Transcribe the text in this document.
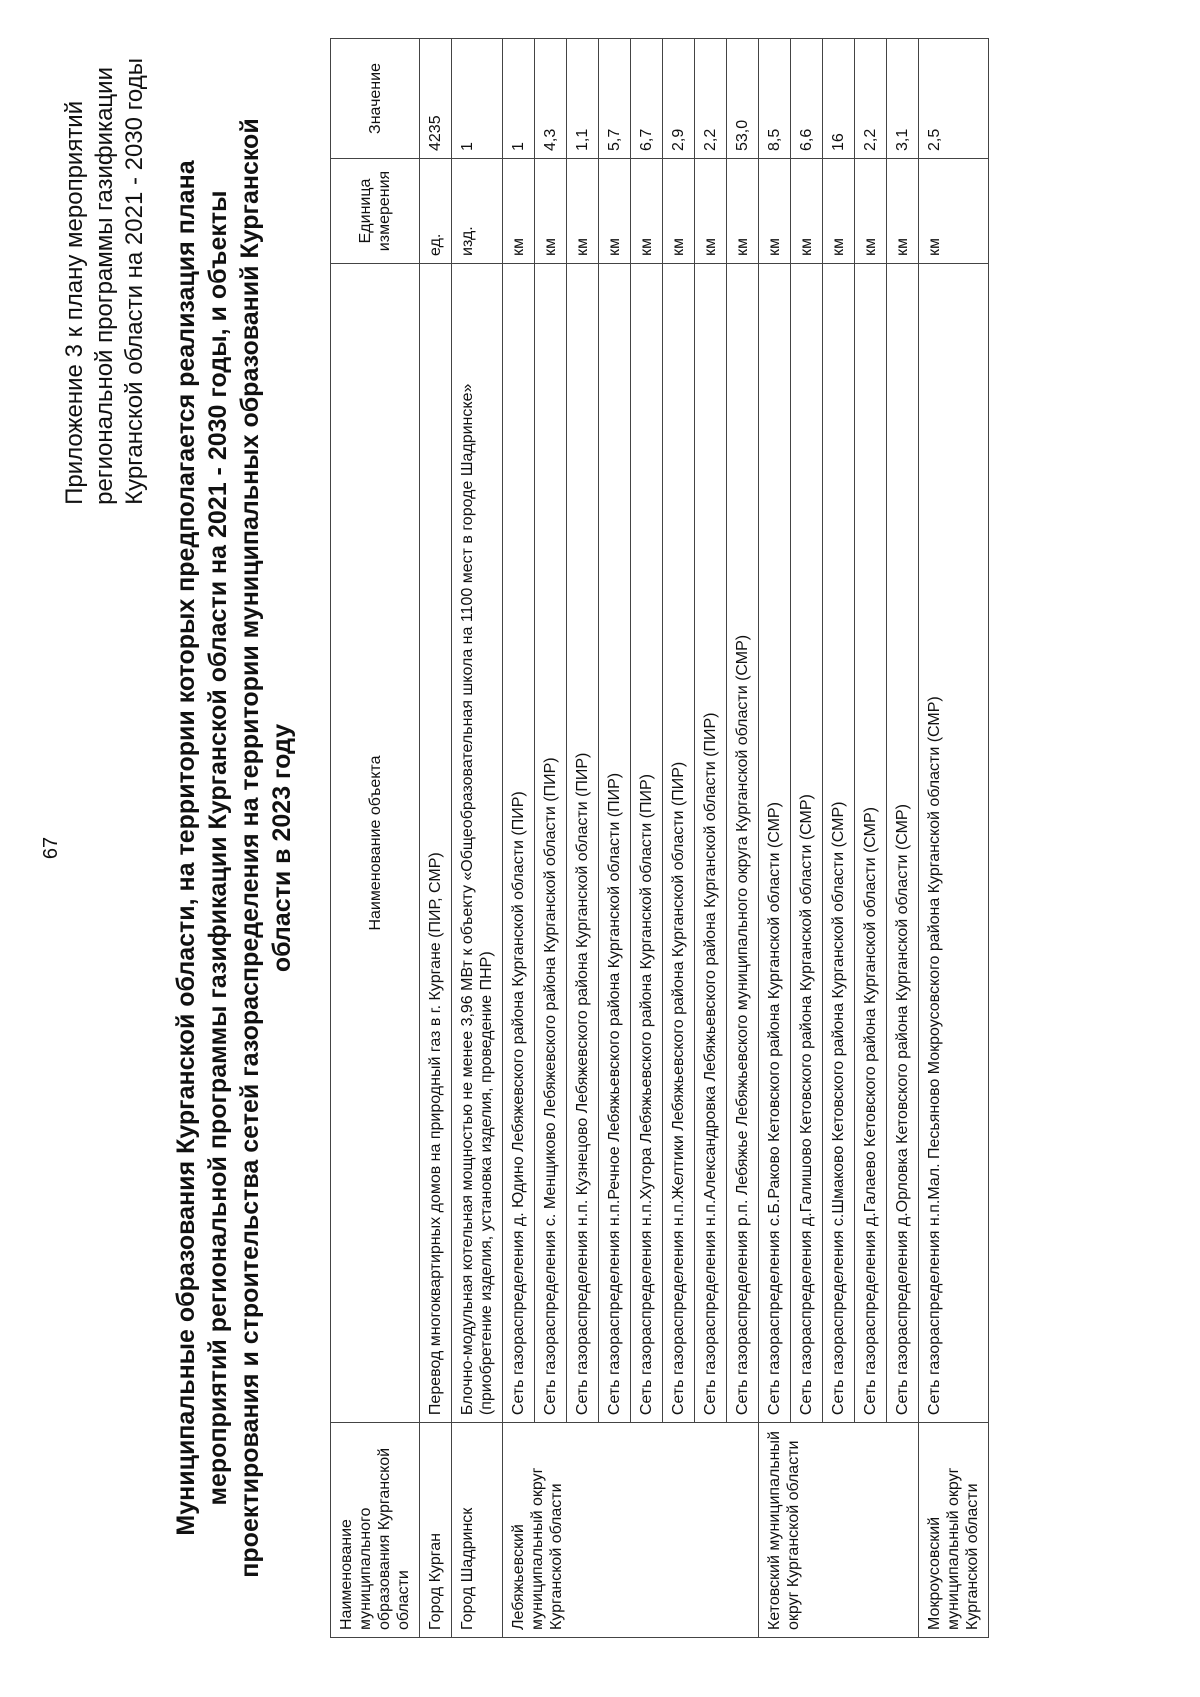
67
Приложение 3 к плану мероприятий региональной программы газификации Курганской области на 2021 - 2030 годы Муниципальные образования Курганской области, на территории которых предполагается реализация плана мероприятий региональной программы газификации Курганской области на 2021 - 2030 годы, и объекты проектирования и строительства сетей газораспределения на территории муниципальных образований Курганской области в 2023 году
Наименование муниципального образования Курганской области	Наименование объекта	Единица измерения	Значение
Город Курган	Перевод многоквартирных домов на природный газ в г. Кургане (ПИР, СМР)	ед.	4235
Город Шадринск	Блочно-модульная котельная мощностью не менее 3,96 МВт к объекту «Общеобразовательная школа на 1100 мест в городе Шадринске» (приобретение изделия, установка изделия, проведение ПНР)	изд.	1
Лебяжьевский муниципальный округ Курганской области	Сеть газораспределения д. Юдино Лебяжевского района Курганской области (ПИР)	км	1
	Сеть газораспределения с. Менщиково Лебяжевского района Курганской области (ПИР)	км	4,3
	Сеть газораспределения н.п. Кузнецово Лебяжевского района Курганской области (ПИР)	км	1,1
	Сеть газораспределения н.п.Речное Лебяжьевского района Курганской области (ПИР)	км	5,7
	Сеть газораспределения н.п.Хутора Лебяжьевского района Курганской области (ПИР)	км	6,7
	Сеть газораспределения н.п.Желтики Лебяжьевского района Курганской области (ПИР)	км	2,9
	Сеть газораспределения н.п.Александровка Лебяжьевского района Курганской области (ПИР)	км	2,2
	Сеть газораспределения р.п. Лебяжье Лебяжьевского муниципального округа Курганской области (СМР)	км	53,0
Кетовский муниципальный округ Курганской области	Сеть газораспределения с.Б.Раково Кетовского района Курганской области (СМР)	км	8,5
	Сеть газораспределения д.Галишово Кетовского района Курганской области (СМР)	км	6,6
	Сеть газораспределения с.Шмаково Кетовского района Курганской области (СМР)	км	16
	Сеть газораспределения д.Галаево Кетовского района Курганской области (СМР)	км	2,2
	Сеть газораспределения д.Орловка Кетовского района Курганской области (СМР)	км	3,1
Мокроусовский муниципальный округ Курганской области	Сеть газораспределения н.п.Мал. Песьяново Мокроусовского района Курганской области (СМР)	км	2,5
